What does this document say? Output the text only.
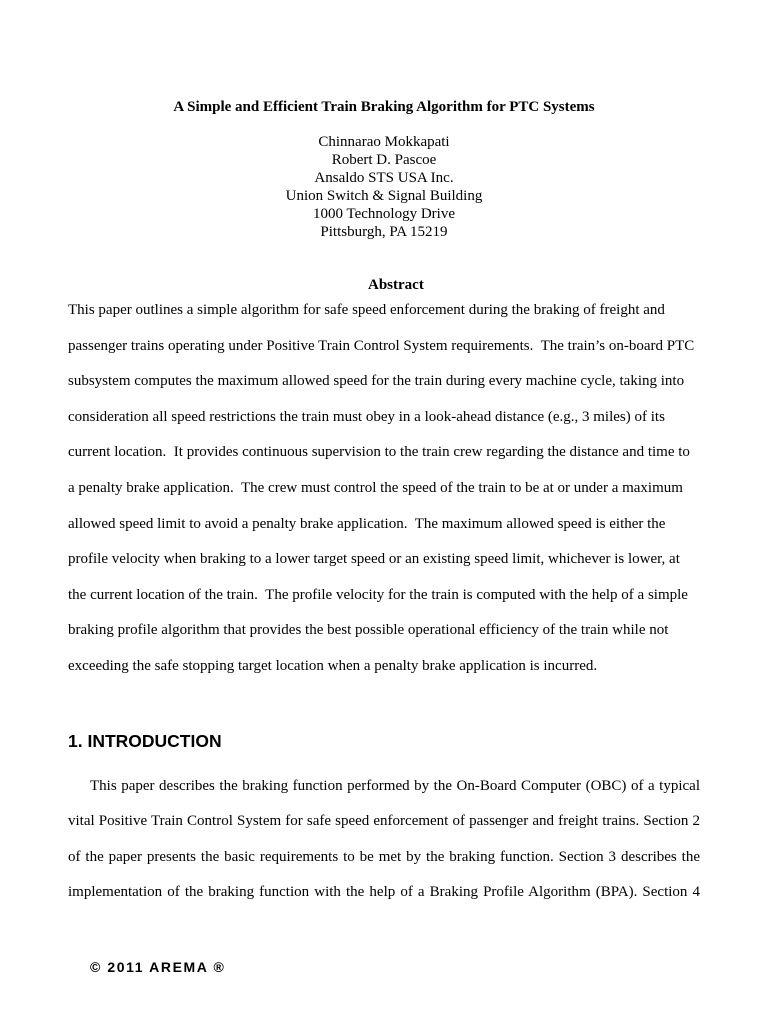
A Simple and Efficient Train Braking Algorithm for PTC Systems
Chinnarao Mokkapati
Robert D. Pascoe
Ansaldo STS USA Inc.
Union Switch & Signal Building
1000 Technology Drive
Pittsburgh, PA 15219
Abstract
This paper outlines a simple algorithm for safe speed enforcement during the braking of freight and
passenger trains operating under Positive Train Control System requirements.  The train’s on-board PTC
subsystem computes the maximum allowed speed for the train during every machine cycle, taking into
consideration all speed restrictions the train must obey in a look-ahead distance (e.g., 3 miles) of its
current location.  It provides continuous supervision to the train crew regarding the distance and time to
a penalty brake application.  The crew must control the speed of the train to be at or under a maximum
allowed speed limit to avoid a penalty brake application.  The maximum allowed speed is either the
profile velocity when braking to a lower target speed or an existing speed limit, whichever is lower, at
the current location of the train.  The profile velocity for the train is computed with the help of a simple
braking profile algorithm that provides the best possible operational efficiency of the train while not
exceeding the safe stopping target location when a penalty brake application is incurred.
1. INTRODUCTION
This paper describes the braking function performed by the On-Board Computer (OBC) of a typical
vital Positive Train Control System for safe speed enforcement of passenger and freight trains. Section 2
of the paper presents the basic requirements to be met by the braking function. Section 3 describes the
implementation of the braking function with the help of a Braking Profile Algorithm (BPA). Section 4
© 2011 AREMA ®
